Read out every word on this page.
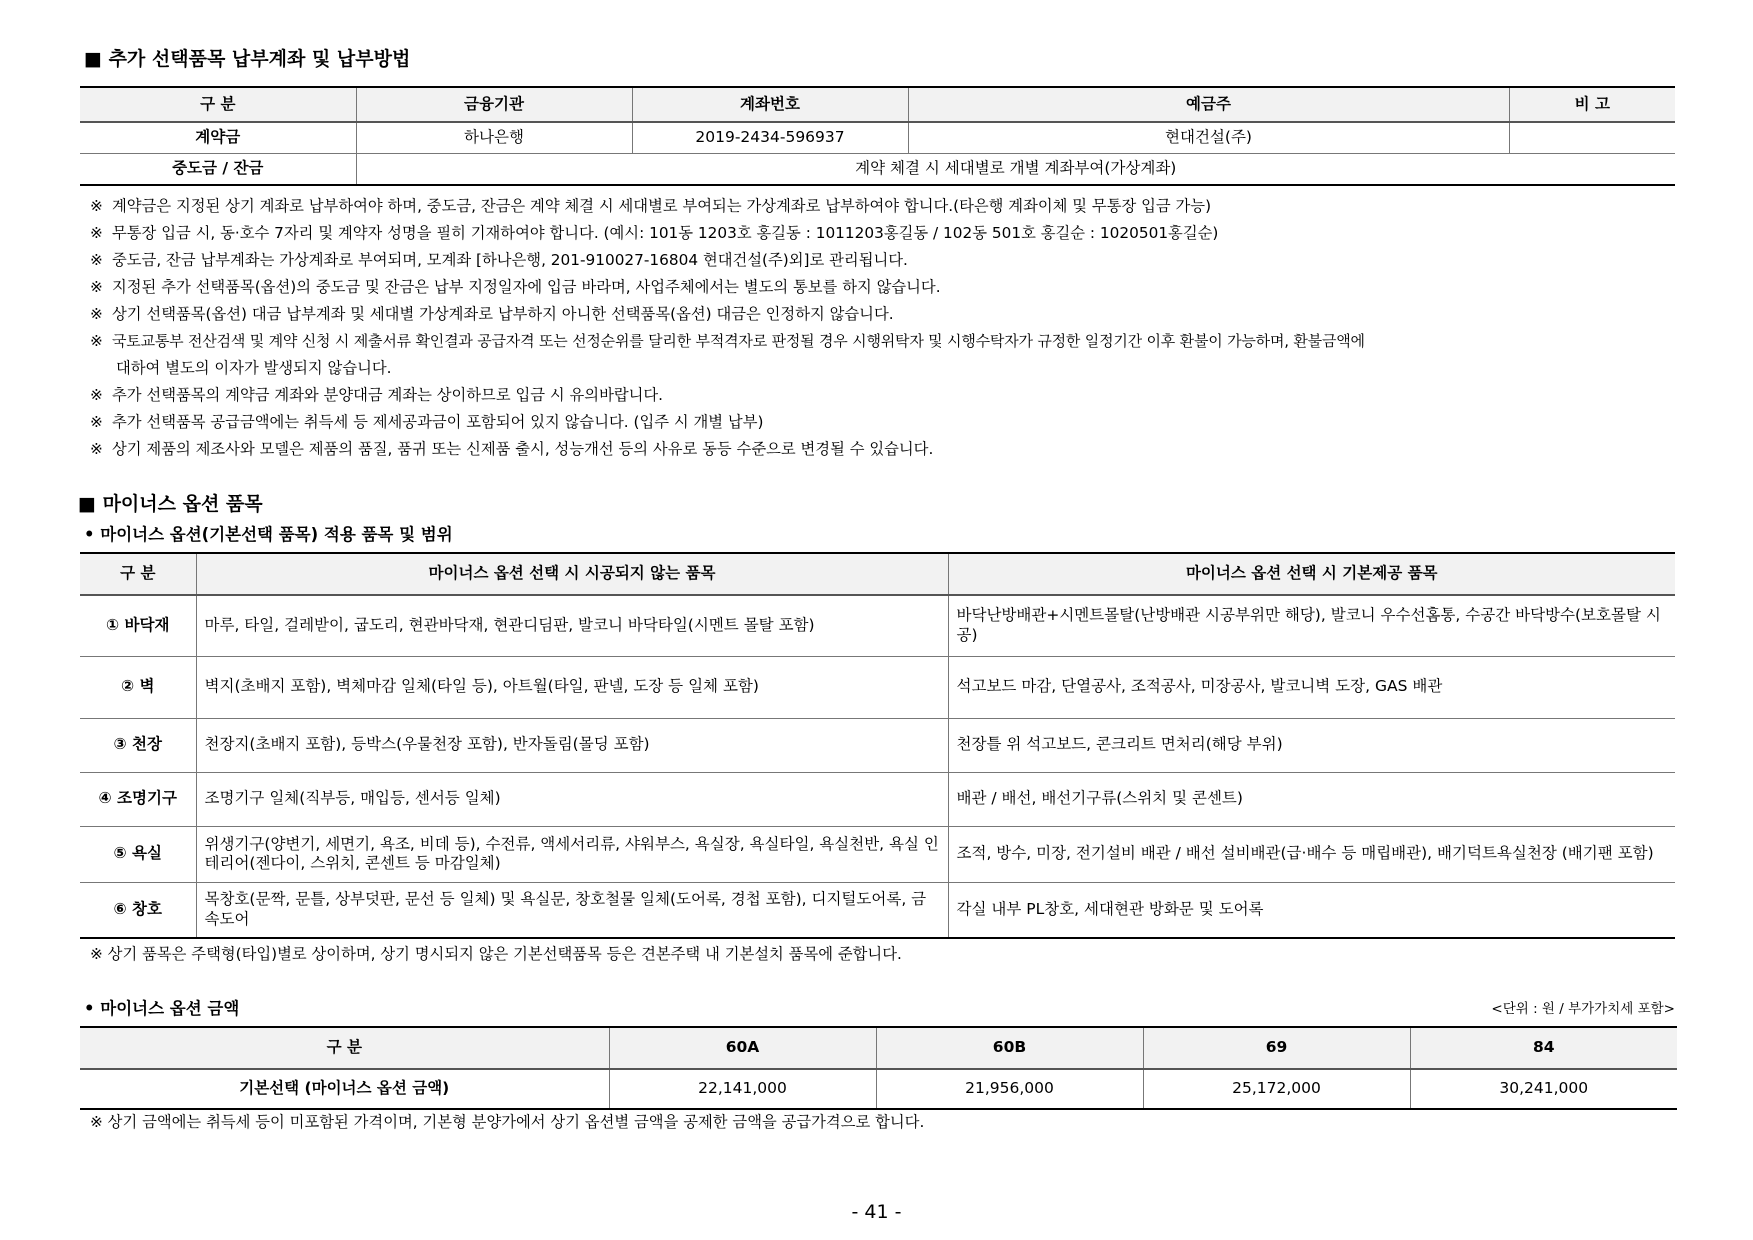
■ 추가 선택품목 납부계좌 및 납부방법
구 분	금융기관	계좌번호	예금주	비 고
계약금	하나은행	2019-2434-596937	현대건설(주)	
중도금 / 잔금	계약 체결 시 세대별로 개별 계좌부여(가상계좌)			
※ 계약금은 지정된 상기 계좌로 납부하여야 하며, 중도금, 잔금은 계약 체결 시 세대별로 부여되는 가상계좌로 납부하여야 합니다.(타은행 계좌이체 및 무통장 입금 가능)
※ 무통장 입금 시, 동·호수 7자리 및 계약자 성명을 필히 기재하여야 합니다. (예시: 101동 1203호 홍길동 : 1011203홍길동 / 102동 501호 홍길순 : 1020501홍길순)
※ 중도금, 잔금 납부계좌는 가상계좌로 부여되며, 모계좌 [하나은행, 201-910027-16804 현대건설(주)외]로 관리됩니다.
※ 지정된 추가 선택품목(옵션)의 중도금 및 잔금은 납부 지정일자에 입금 바라며, 사업주체에서는 별도의 통보를 하지 않습니다.
※ 상기 선택품목(옵션) 대금 납부계좌 및 세대별 가상계좌로 납부하지 아니한 선택품목(옵션) 대금은 인정하지 않습니다.
※ 국토교통부 전산검색 및 계약 신청 시 제출서류 확인결과 공급자격 또는 선정순위를 달리한 부적격자로 판정될 경우 시행위탁자 및 시행수탁자가 규정한 일정기간 이후 환불이 가능하며, 환불금액에
대하여 별도의 이자가 발생되지 않습니다.
※ 추가 선택품목의 계약금 계좌와 분양대금 계좌는 상이하므로 입금 시 유의바랍니다.
※ 추가 선택품목 공급금액에는 취득세 등 제세공과금이 포함되어 있지 않습니다. (입주 시 개별 납부)
※ 상기 제품의 제조사와 모델은 제품의 품질, 품귀 또는 신제품 출시, 성능개선 등의 사유로 동등 수준으로 변경될 수 있습니다.
■ 마이너스 옵션 품목
• 마이너스 옵션(기본선택 품목) 적용 품목 및 범위
구 분	마이너스 옵션 선택 시 시공되지 않는 품목	마이너스 옵션 선택 시 기본제공 품목
① 바닥재	마루, 타일, 걸레받이, 굽도리, 현관바닥재, 현관디딤판, 발코니 바닥타일(시멘트 몰탈 포함)	바닥난방배관+시멘트몰탈(난방배관 시공부위만 해당), 발코니 우수선홈통, 수공간 바닥방수(보호몰탈 시공)
② 벽	벽지(초배지 포함), 벽체마감 일체(타일 등), 아트월(타일, 판넬, 도장 등 일체 포함)	석고보드 마감, 단열공사, 조적공사, 미장공사, 발코니벽 도장, GAS 배관
③ 천장	천장지(초배지 포함), 등박스(우물천장 포함), 반자돌림(몰딩 포함)	천장틀 위 석고보드, 콘크리트 면처리(해당 부위)
④ 조명기구	조명기구 일체(직부등, 매입등, 센서등 일체)	배관 / 배선, 배선기구류(스위치 및 콘센트)
⑤ 욕실	위생기구(양변기, 세면기, 욕조, 비데 등), 수전류, 액세서리류, 샤워부스, 욕실장, 욕실타일, 욕실천반, 욕실 인테리어(젠다이, 스위치, 콘센트 등 마감일체)	조적, 방수, 미장, 전기설비 배관 / 배선 설비배관(급·배수 등 매립배관), 배기덕트욕실천장 (배기팬 포함)
⑥ 창호	목창호(문짝, 문틀, 상부덧판, 문선 등 일체) 및 욕실문, 창호철물 일체(도어록, 경첩 포함), 디지털도어록, 금속도어	각실 내부 PL창호, 세대현관 방화문 및 도어록
※ 상기 품목은 주택형(타입)별로 상이하며, 상기 명시되지 않은 기본선택품목 등은 견본주택 내 기본설치 품목에 준합니다.
• 마이너스 옵션 금액	<단위 : 원 / 부가가치세 포함>
구 분	60A	60B	69	84
기본선택 (마이너스 옵션 금액)	22,141,000	21,956,000	25,172,000	30,241,000
※ 상기 금액에는 취득세 등이 미포함된 가격이며, 기본형 분양가에서 상기 옵션별 금액을 공제한 금액을 공급가격으로 합니다.
- 41 -
